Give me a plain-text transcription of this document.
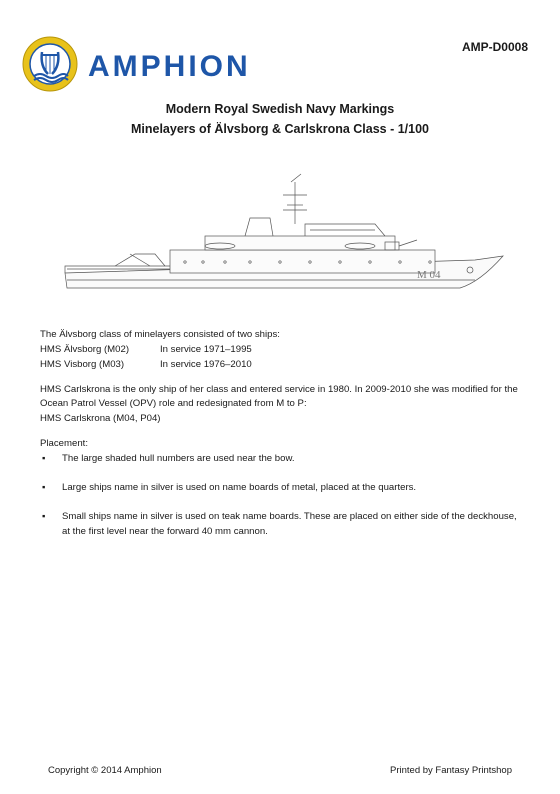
AMPHION
AMP-D0008
Modern Royal Swedish Navy Markings
Minelayers of Älvsborg & Carlskrona Class - 1/100
M 04

The Älvsborg class of minelayers consisted of two ships:

HMS Älvsborg (M02)	In service 1971–1995
HMS Visborg (M03)	In service 1976–2010

HMS Carlskrona is the only ship of her class and entered service in 1980. In 2009-2010 she was modified for the Ocean Patrol Vessel (OPV) role and redesignated from M to P:

HMS Carlskrona (M04, P04)

Placement:

▪ The large shaded hull numbers are used near the bow.
▪ Large ships name in silver is used on name boards of metal, placed at the quarters.
▪ Small ships name in silver is used on teak name boards. These are placed on either side of the deckhouse, at the first level near the forward 40 mm cannon.
Copyright © 2014 Amphion	Printed by Fantasy Printshop
